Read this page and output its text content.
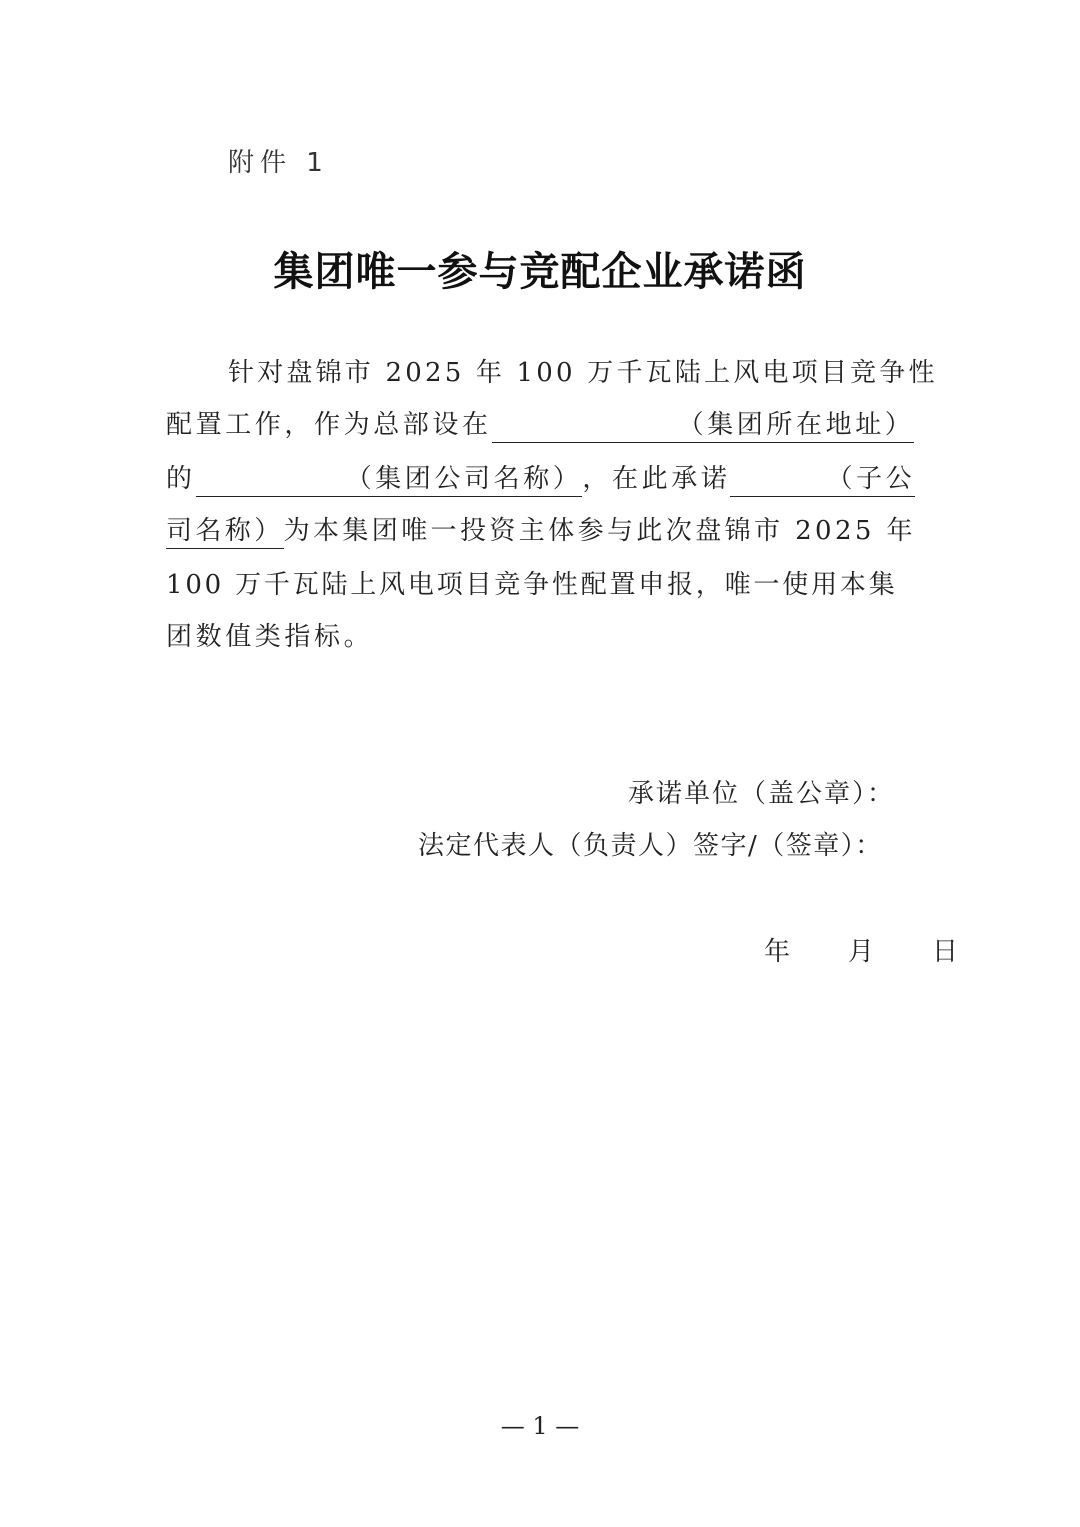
附件 1
集团唯一参与竞配企业承诺函
针对盘锦市 2025 年 100 万千瓦陆上风电项目竞争性
配置工作，作为总部设在	（集团所在地址）
的	（集团公司名称），在此承诺	（子公
司名称）为本集团唯一投资主体参与此次盘锦市 2025 年
100 万千瓦陆上风电项目竞争性配置申报，唯一使用本集
团数值类指标。
承诺单位（盖公章）：
法定代表人（负责人）签字/（签章）：
年　　月　　日
— 1 —
